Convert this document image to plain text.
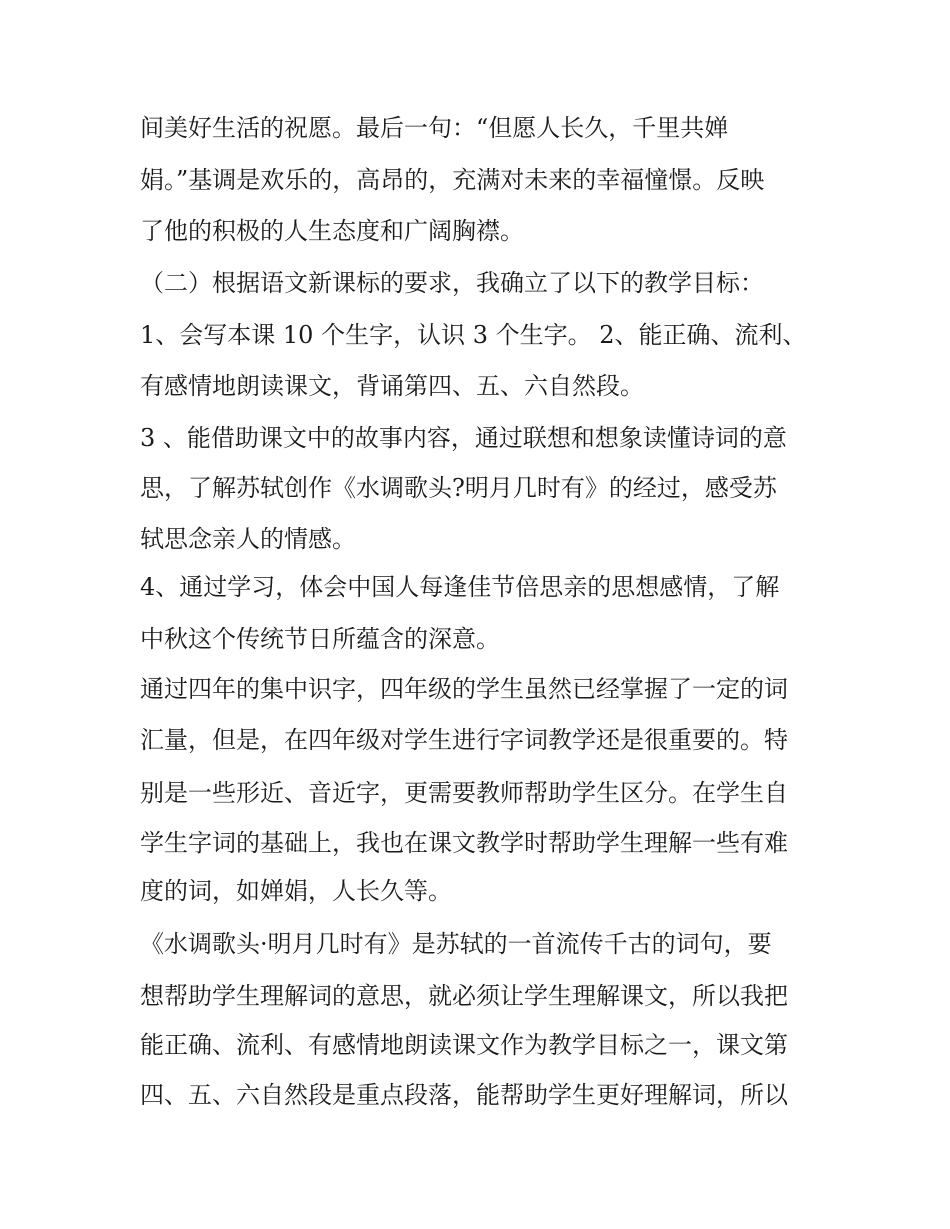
间美好生活的祝愿。最后一句：“但愿人长久，千里共婵
娟。”基调是欢乐的，高昂的，充满对未来的幸福憧憬。反映
了他的积极的人生态度和广阔胸襟。
（二）根据语文新课标的要求，我确立了以下的教学目标：
1、会写本课 10 个生字，认识 3 个生字。 2、能正确、流利、
有感情地朗读课文，背诵第四、五、六自然段。
3 、能借助课文中的故事内容，通过联想和想象读懂诗词的意
思，了解苏轼创作《水调歌头?明月几时有》的经过，感受苏
轼思念亲人的情感。
4、通过学习，体会中国人每逢佳节倍思亲的思想感情，了解
中秋这个传统节日所蕴含的深意。
通过四年的集中识字，四年级的学生虽然已经掌握了一定的词
汇量，但是，在四年级对学生进行字词教学还是很重要的。特
别是一些形近、音近字，更需要教师帮助学生区分。在学生自
学生字词的基础上，我也在课文教学时帮助学生理解一些有难
度的词，如婵娟，人长久等。
《水调歌头·明月几时有》是苏轼的一首流传千古的词句，要
想帮助学生理解词的意思，就必须让学生理解课文，所以我把
能正确、流利、有感情地朗读课文作为教学目标之一，课文第
四、五、六自然段是重点段落，能帮助学生更好理解词，所以
